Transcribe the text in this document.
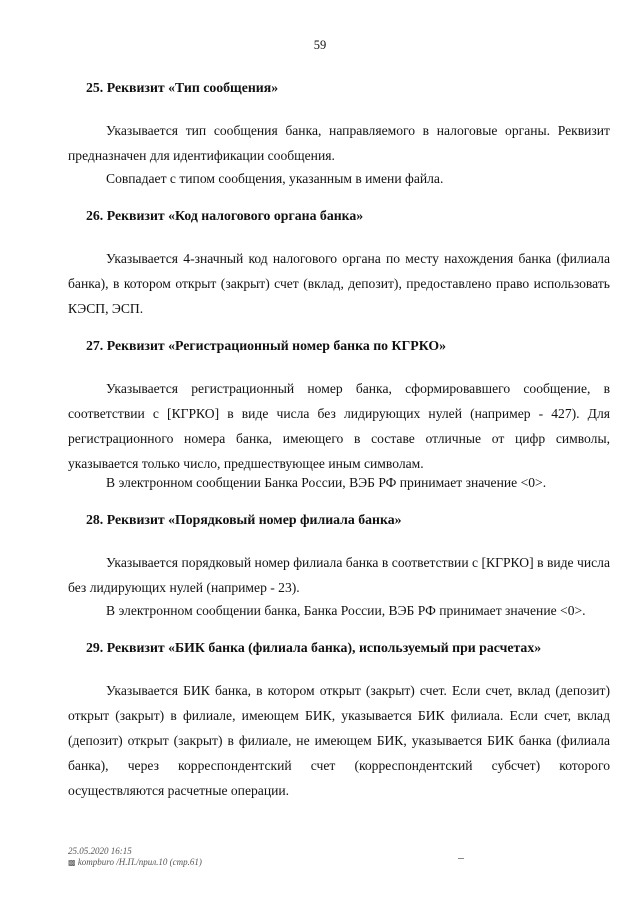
59
25. Реквизит «Тип сообщения»

Указывается тип сообщения банка, направляемого в налоговые органы. Реквизит предназначен для идентификации сообщения.

Совпадает с типом сообщения, указанным в имени файла.

26. Реквизит «Код налогового органа банка»

Указывается 4-значный код налогового органа по месту нахождения банка (филиала банка), в котором открыт (закрыт) счет (вклад, депозит), предоставлено право использовать КЭСП, ЭСП.

27. Реквизит «Регистрационный номер банка по КГРКО»

Указывается регистрационный номер банка, сформировавшего сообщение, в соответствии с [КГРКО] в виде числа без лидирующих нулей (например - 427). Для регистрационного номера банка, имеющего в составе отличные от цифр символы, указывается только число, предшествующее иным символам.

В электронном сообщении Банка России, ВЭБ РФ принимает значение <0>.

28. Реквизит «Порядковый номер филиала банка»

Указывается порядковый номер филиала банка в соответствии с [КГРКО] в виде числа без лидирующих нулей (например - 23).

В электронном сообщении банка, Банка России, ВЭБ РФ принимает значение <0>.

29. Реквизит «БИК банка (филиала банка), используемый при расчетах»

Указывается БИК банка, в котором открыт (закрыт) счет. Если счет, вклад (депозит) открыт (закрыт) в филиале, имеющем БИК, указывается БИК филиала. Если счет, вклад (депозит) открыт (закрыт) в филиале, не имеющем БИК, указывается БИК банка (филиала банка), через корреспондентский счет (корреспондентский субсчет) которого осуществляются расчетные операции.

25.05.2020 16:15
▩ kompburo /Н.П./прил.10 (стр.61)
